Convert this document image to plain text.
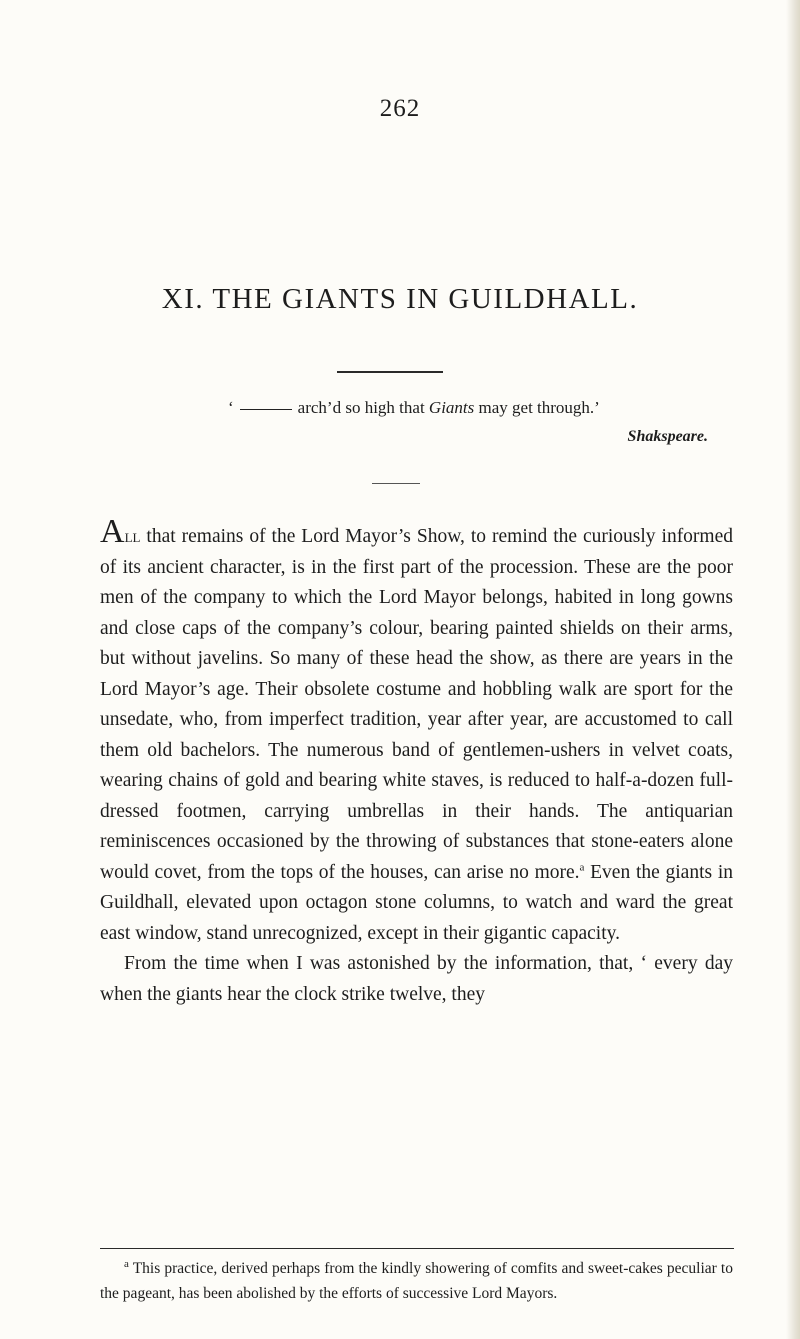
262
XI. THE GIANTS IN GUILDHALL.
‘	arch’d so high that Giants may get through.’
Shakspeare.

All that remains of the Lord Mayor’s Show, to remind the curiously informed of its ancient character, is in the first part of the procession. These are the poor men of the company to which the Lord Mayor belongs, habited in long gowns and close caps of the company’s colour, bearing painted shields on their arms, but without javelins. So many of these head the show, as there are years in the Lord Mayor’s age. Their obsolete costume and hobbling walk are sport for the unsedate, who, from imperfect tradition, year after year, are accustomed to call them old bachelors. The numerous band of gentlemen-ushers in velvet coats, wearing chains of gold and bearing white staves, is reduced to half-a-dozen full-dressed footmen, carrying umbrellas in their hands. The antiquarian reminiscences occasioned by the throwing of substances that stone-eaters alone would covet, from the tops of the houses, can arise no more.$^a$ Even the giants in Guildhall, elevated upon octagon stone columns, to watch and ward the great east window, stand unrecognized, except in their gigantic capacity.

From the time when I was astonished by the information, that, ‘ every day when the giants hear the clock strike twelve, they

$^a$ This practice, derived perhaps from the kindly showering of comfits and sweet-cakes peculiar to the pageant, has been abolished by the efforts of successive Lord Mayors.
